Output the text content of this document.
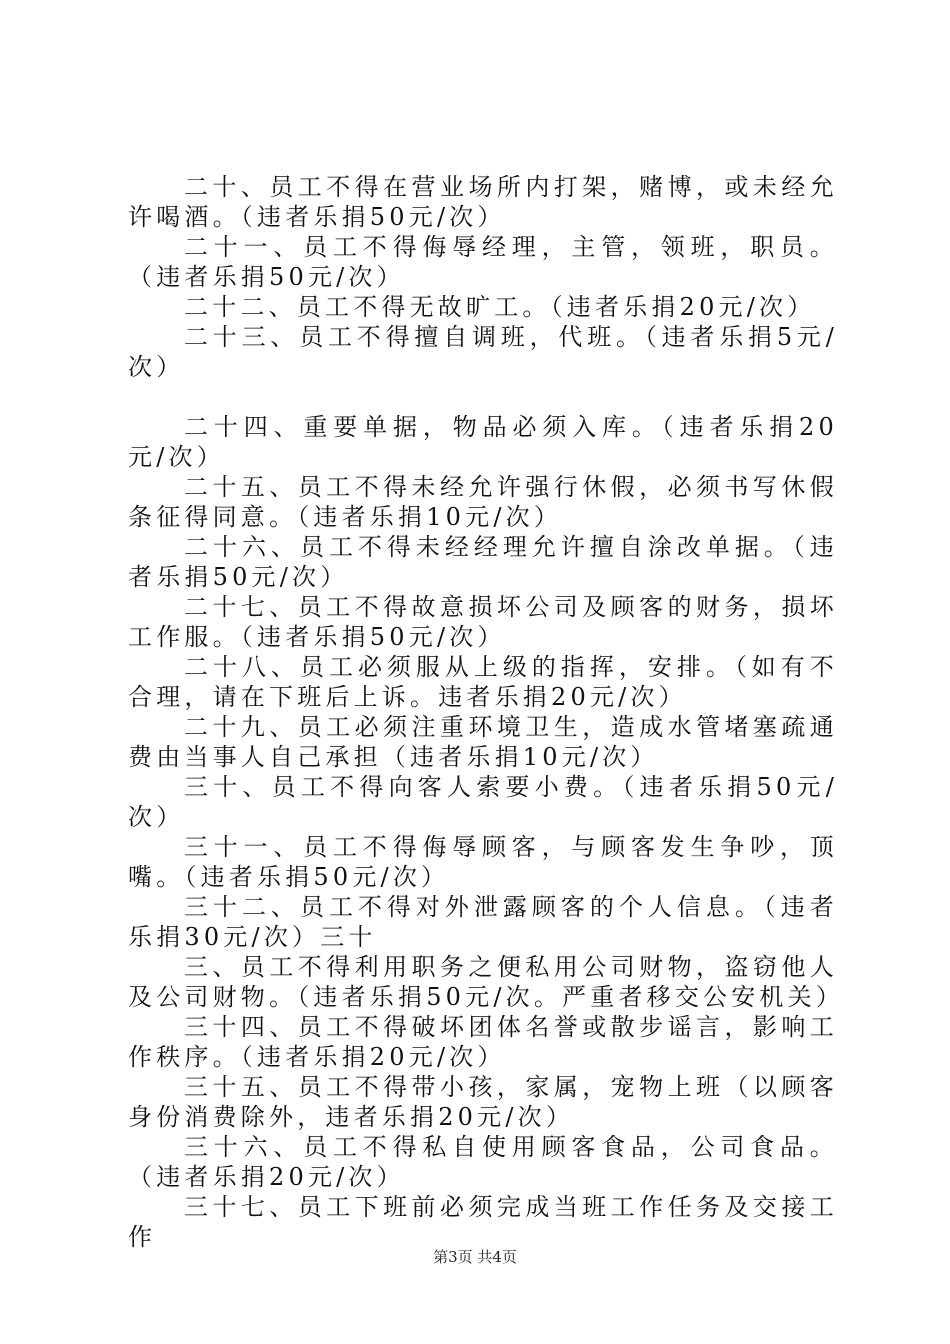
二十、员工不得在营业场所内打架，赌博，或未经允许喝酒。（违者乐捐50元/次）

二十一、员工不得侮辱经理，主管，领班，职员。（违者乐捐50元/次）

二十二、员工不得无故旷工。（违者乐捐20元/次）

二十三、员工不得擅自调班，代班。（违者乐捐5元/次）

二十四、重要单据，物品必须入库。（违者乐捐20元/次）

二十五、员工不得未经允许强行休假，必须书写休假条征得同意。（违者乐捐10元/次）

二十六、员工不得未经经理允许擅自涂改单据。（违者乐捐50元/次）

二十七、员工不得故意损坏公司及顾客的财务，损坏工作服。（违者乐捐50元/次）

二十八、员工必须服从上级的指挥，安排。（如有不合理，请在下班后上诉。违者乐捐20元/次）

二十九、员工必须注重环境卫生，造成水管堵塞疏通费由当事人自己承担（违者乐捐10元/次）

三十、员工不得向客人索要小费。（违者乐捐50元/次）

三十一、员工不得侮辱顾客，与顾客发生争吵，顶嘴。（违者乐捐50元/次）

三十二、员工不得对外泄露顾客的个人信息。（违者乐捐30元/次）三十

三、员工不得利用职务之便私用公司财物，盗窃他人及公司财物。（违者乐捐50元/次。严重者移交公安机关）

三十四、员工不得破坏团体名誉或散步谣言，影响工作秩序。（违者乐捐20元/次）

三十五、员工不得带小孩，家属，宠物上班（以顾客身份消费除外，违者乐捐20元/次）

三十六、员工不得私自使用顾客食品，公司食品。（违者乐捐20元/次）

三十七、员工下班前必须完成当班工作任务及交接工作

第3页 共4页
